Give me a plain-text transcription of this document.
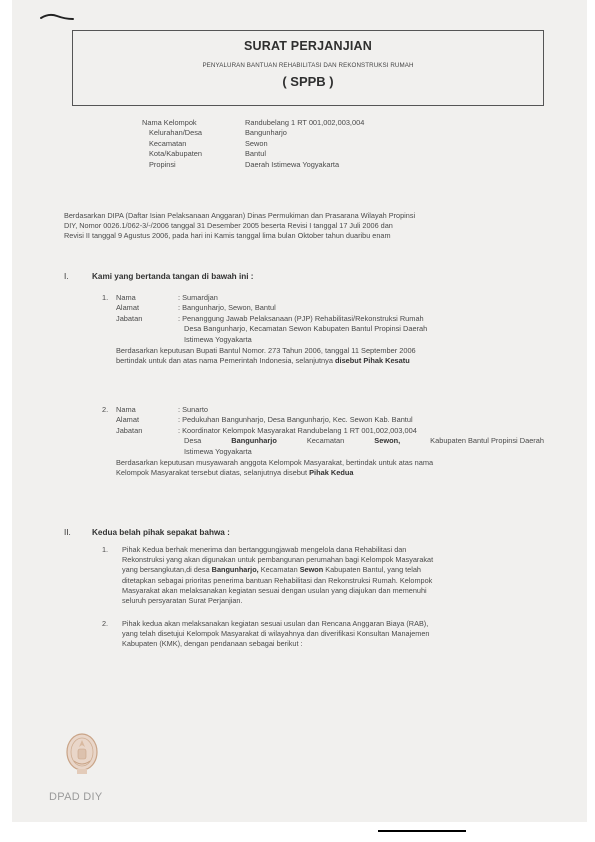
SURAT PERJANJIAN
PENYALURAN BANTUAN REHABILITASI DAN REKONSTRUKSI RUMAH
( SPPB )
Nama Kelompok	Randubelang 1 RT 001,002,003,004
Kelurahan/Desa	Bangunharjo
Kecamatan	Sewon
Kota/Kabupaten	Bantul
Propinsi	Daerah Istimewa Yogyakarta
Berdasarkan DIPA (Daftar Isian Pelaksanaan Anggaran) Dinas Permukiman dan Prasarana Wilayah Propinsi
DIY, Nomor 0026.1/062-3/-/2006 tanggal 31 Desember 2005 beserta Revisi I tanggal 17 Juli 2006 dan
Revisi II tanggal 9 Agustus 2006, pada hari ini Kamis tanggal lima bulan Oktober tahun duaribu enam
I.	Kami yang bertanda tangan di bawah ini :
1.	Nama	: Sumardjan
Alamat	: Bangunharjo, Sewon, Bantul
Jabatan	: Penanggung Jawab Pelaksanaan (PJP) Rehabilitasi/Rekonstruksi Rumah
Desa Bangunharjo, Kecamatan Sewon Kabupaten Bantul Propinsi Daerah
Istimewa Yogyakarta
Berdasarkan keputusan Bupati Bantul Nomor. 273 Tahun 2006, tanggal 11 September 2006
bertindak untuk dan atas nama Pemerintah Indonesia, selanjutnya disebut Pihak Kesatu
2.	Nama	: Sunarto
Alamat	: Pedukuhan Bangunharjo, Desa Bangunharjo, Kec. Sewon Kab. Bantul
Jabatan	: Koordinator Kelompok Masyarakat Randubelang 1 RT 001,002,003,004
Desa	Bangunharjo	Kecamatan	Sewon,	Kabupaten Bantul Propinsi Daerah
Istimewa Yogyakarta
Berdasarkan keputusan musyawarah anggota Kelompok Masyarakat, bertindak untuk atas nama
Kelompok Masyarakat tersebut diatas, selanjutnya disebut Pihak Kedua
II.	Kedua belah pihak sepakat bahwa :
1.	Pihak Kedua berhak menerima dan bertanggungjawab mengelola dana Rehabilitasi dan
Rekonstruksi yang akan digunakan untuk pembangunan perumahan bagi Kelompok Masyarakat
yang bersangkutan,di desa Bangunharjo, Kecamatan Sewon Kabupaten Bantul, yang telah
ditetapkan sebagai prioritas penerima bantuan Rehabilitasi dan Rekonstruksi Rumah. Kelompok
Masyarakat akan melaksanakan kegiatan sesuai dengan usulan yang diajukan dan memenuhi
seluruh persyaratan Surat Perjanjian.
2.	Pihak kedua akan melaksanakan kegiatan sesuai usulan dan Rencana Anggaran Biaya (RAB),
yang telah disetujui Kelompok Masyarakat di wilayahnya dan diverifikasi Konsultan Manajemen
Kabupaten (KMK), dengan pendanaan sebagai berikut :
DPAD DIY
